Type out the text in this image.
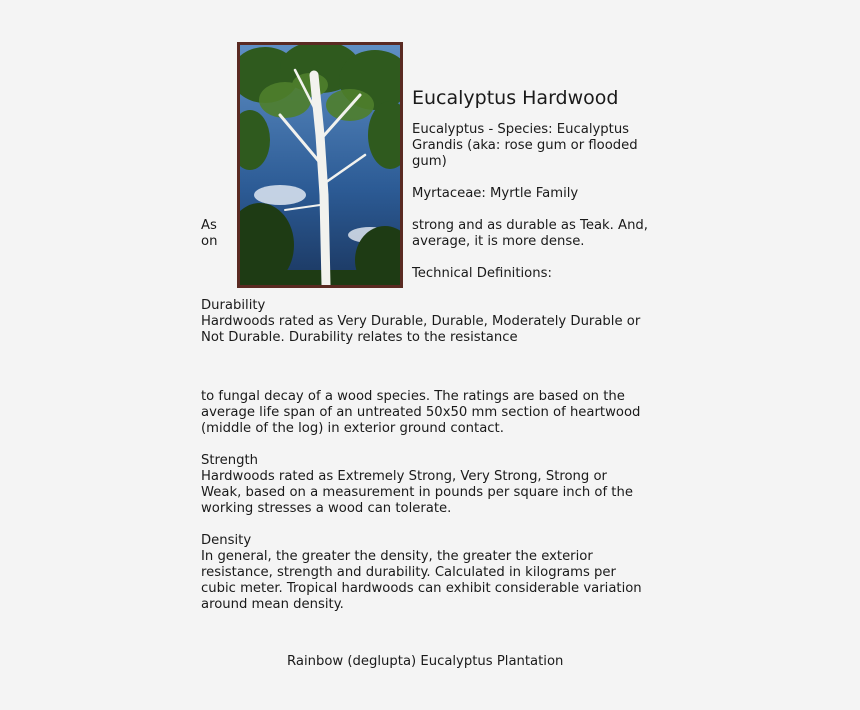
Eucalyptus Hardwood

Eucalyptus - Species: Eucalyptus
Grandis (aka: rose gum or flooded
gum)

Myrtaceae: Myrtle Family

As
on

strong and as durable as Teak. And,
average, it is more dense.

Technical Definitions:

Durability
Hardwoods rated as Very Durable, Durable, Moderately Durable or
Not Durable. Durability relates to the resistance
to fungal decay of a wood species. The ratings are based on the
average life span of an untreated 50x50 mm section of heartwood
(middle of the log) in exterior ground contact.
Strength
Hardwoods rated as Extremely Strong, Very Strong, Strong or
Weak, based on a measurement in pounds per square inch of the
working stresses a wood can tolerate.
Density
In general, the greater the density, the greater the exterior
resistance, strength and durability. Calculated in kilograms per
cubic meter. Tropical hardwoods can exhibit considerable variation
around mean density.

Rainbow (deglupta) Eucalyptus Plantation
